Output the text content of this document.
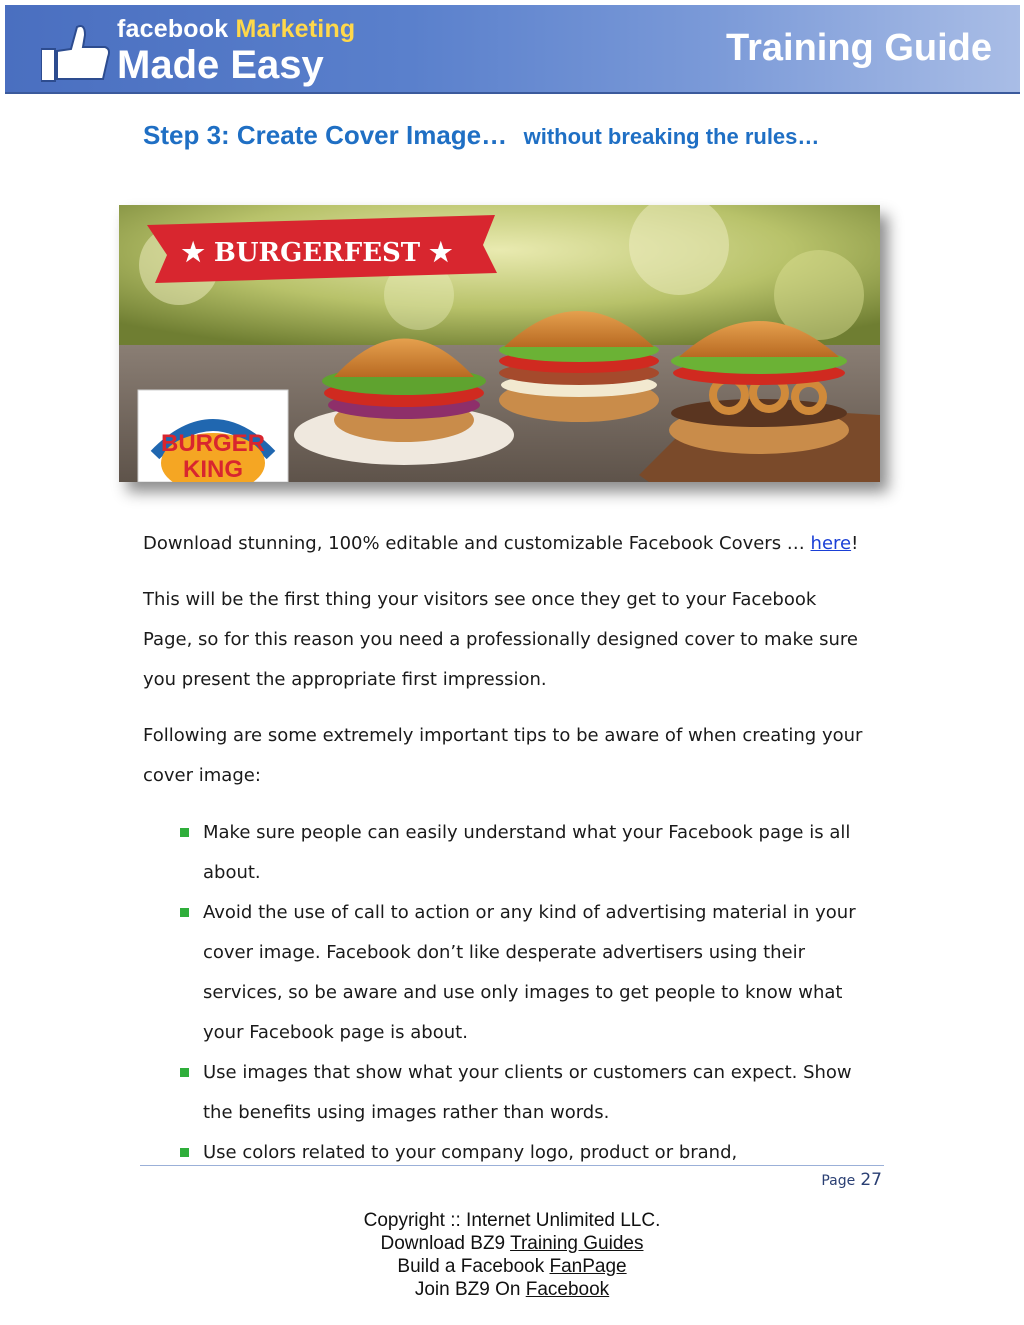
facebook Marketing
Made Easy	Training Guide
Step 3: Create Cover Image… without breaking the rules…
★ BURGERFEST ★
BURGER
KING
Download stunning, 100% editable and customizable Facebook Covers … here!
This will be the first thing your visitors see once they get to your Facebook
Page, so for this reason you need a professionally designed cover to make sure
you present the appropriate first impression.
Following are some extremely important tips to be aware of when creating your
cover image:
Make sure people can easily understand what your Facebook page is all
about.
Avoid the use of call to action or any kind of advertising material in your
cover image. Facebook don’t like desperate advertisers using their
services, so be aware and use only images to get people to know what
your Facebook page is about.
Use images that show what your clients or customers can expect. Show
the benefits using images rather than words.
Use colors related to your company logo, product or brand,
Page 27
Copyright :: Internet Unlimited LLC.
Download BZ9 Training Guides
Build a Facebook FanPage
Join BZ9 On Facebook
